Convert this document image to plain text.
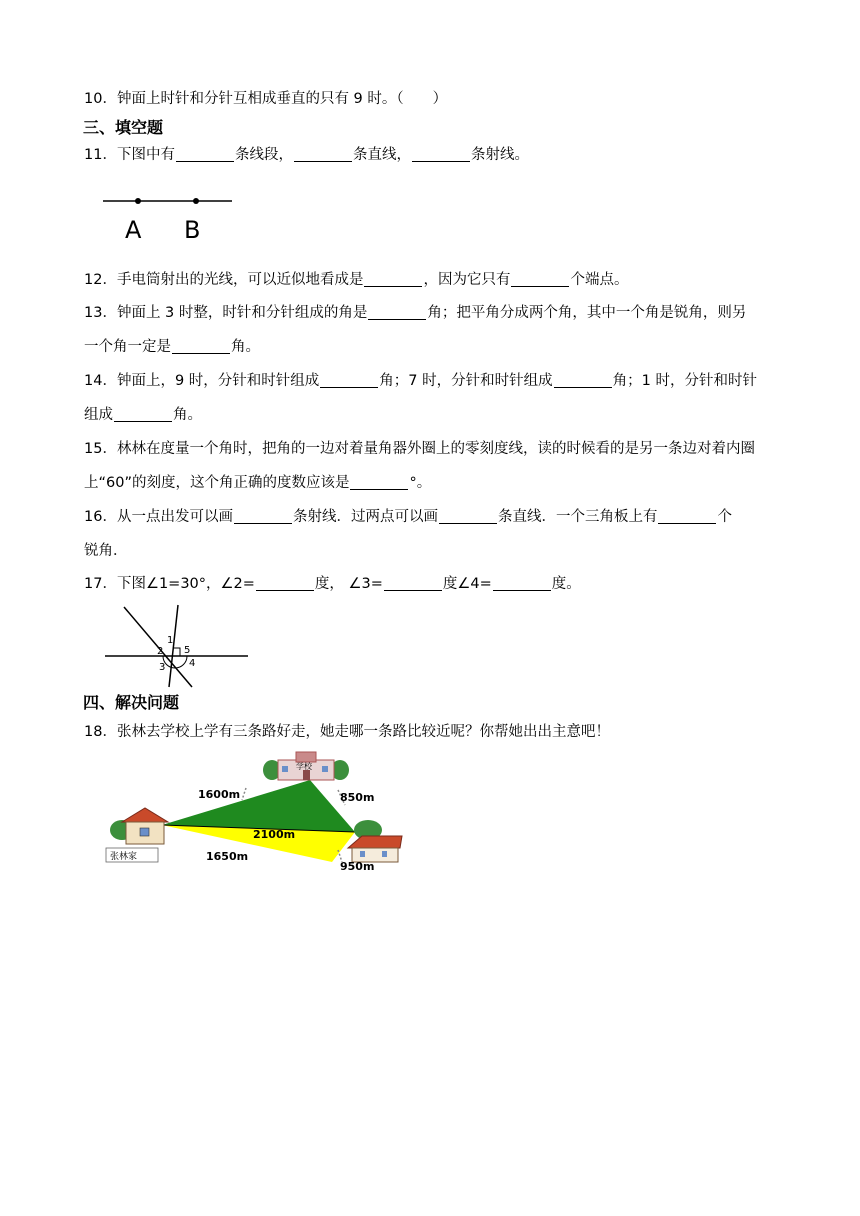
10．钟面上时针和分针互相成垂直的只有 9 时。（　　）
三、填空题
11．下图中有	条线段，	条直线，	条射线。
A B
12．手电筒射出的光线，可以近似地看成是	，因为它只有	个端点。
13．钟面上 3 时整，时针和分针组成的角是	角；把平角分成两个角，其中一个角是锐角，则另
一个角一定是	角。
14．钟面上，9 时，分针和时针组成	角；7 时，分针和时针组成	角；1 时，分针和时针
组成	角。
15．林林在度量一个角时，把角的一边对着量角器外圈上的零刻度线，读的时候看的是另一条边对着内圈
上“60”的刻度，这个角正确的度数应该是	°。
16．从一点出发可以画	条射线．过两点可以画	条直线．一个三角板上有	个
锐角．
17．下图∠1=30°，∠2=	度， ∠3=	度∠4=	度。
1
2
3 4
5
四、解决问题
18．张林去学校上学有三条路好走，她走哪一条路比较近呢？你帮她出出主意吧！
学校
张林家
1600m	850m
2100m
1650m
950m
